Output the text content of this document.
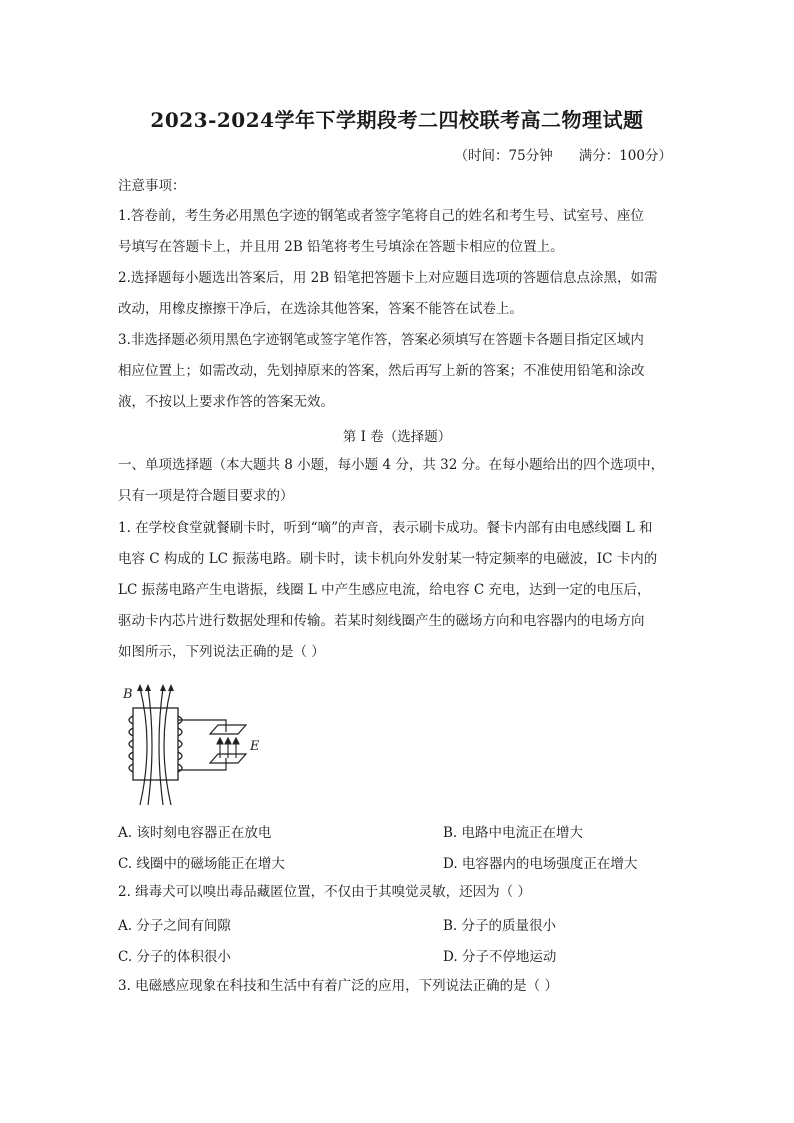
2023-2024学年下学期段考二四校联考高二物理试题
（时间：75分钟 满分：100分）
注意事项：
1.答卷前，考生务必用黑色字迹的钢笔或者签字笔将自己的姓名和考生号、试室号、座位
号填写在答题卡上，并且用 2B 铅笔将考生号填涂在答题卡相应的位置上。
2.选择题每小题选出答案后，用 2B 铅笔把答题卡上对应题目选项的答题信息点涂黑，如需
改动，用橡皮擦擦干净后，在选涂其他答案，答案不能答在试卷上。
3.非选择题必须用黑色字迹钢笔或签字笔作答，答案必须填写在答题卡各题目指定区域内
相应位置上；如需改动，先划掉原来的答案，然后再写上新的答案；不准使用铅笔和涂改
液，不按以上要求作答的答案无效。
第 I 卷（选择题）
一、单项选择题（本大题共 8 小题，每小题 4 分，共 32 分。在每小题给出的四个选项中，
只有一项是符合题目要求的）
1. 在学校食堂就餐刷卡时，听到“嘀”的声音，表示刷卡成功。餐卡内部有由电感线圈 L 和
电容 C 构成的 LC 振荡电路。刷卡时，读卡机向外发射某一特定频率的电磁波，IC 卡内的
LC 振荡电路产生电谐振，线圈 L 中产生感应电流，给电容 C 充电，达到一定的电压后，
驱动卡内芯片进行数据处理和传输。若某时刻线圈产生的磁场方向和电容器内的电场方向
如图所示，下列说法正确的是（ ）
B
E
A. 该时刻电容器正在放电	B. 电路中电流正在增大
C. 线圈中的磁场能正在增大	D. 电容器内的电场强度正在增大
2. 缉毒犬可以嗅出毒品藏匿位置，不仅由于其嗅觉灵敏，还因为（ ）
A. 分子之间有间隙	B. 分子的质量很小
C. 分子的体积很小	D. 分子不停地运动
3. 电磁感应现象在科技和生活中有着广泛的应用，下列说法正确的是（ ）
